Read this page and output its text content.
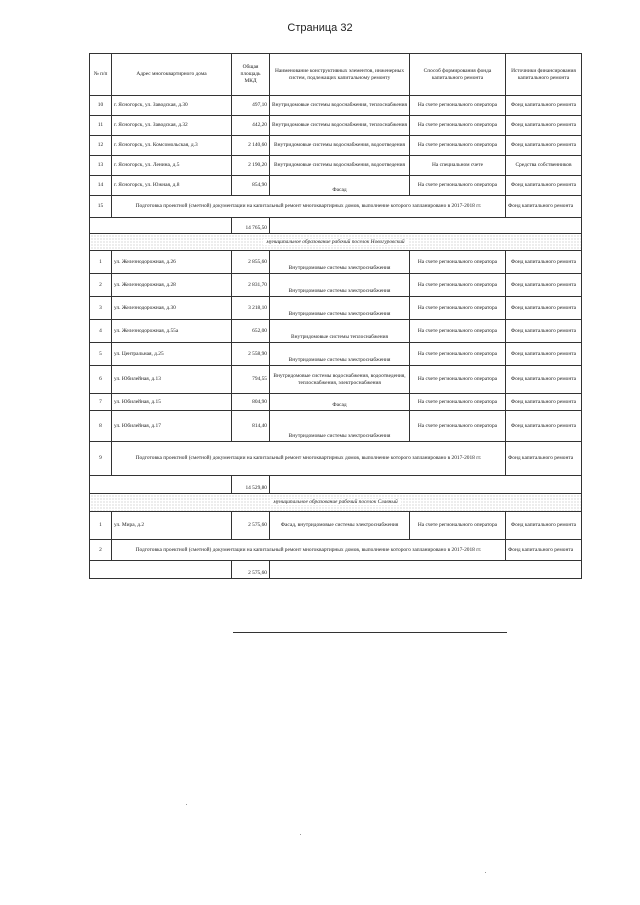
Страница 32
№ п/п	Адрес многоквартирного дома	Общая площадь МКД	Наименование конструктивных элементов, инженерных систем, подлежащих капитальному ремонту	Способ формирования фонда капитального ремонта	Источники финансирования капитального ремонта
10	г. Ясногорск, ул. Заводская, д.30	497,10	Внутридомовые системы водоснабжения, теплоснабжения	На счете регионального оператора	Фонд капитального ремонта
11	г. Ясногорск, ул. Заводская, д.32	442,20	Внутридомовые системы водоснабжения, теплоснабжения	На счете регионального оператора	Фонд капитального ремонта
12	г. Ясногорск, ул. Комсомольская, д.3	2 140,60	Внутридомовые системы водоснабжения, водоотведения	На счете регионального оператора	Фонд капитального ремонта
13	г. Ясногорск, ул. Ленина, д.5	2 190,20	Внутридомовые системы водоснабжения, водоотведения	На специальном счете	Средства собственников
14	г. Ясногорск, ул. Южная, д.8	854,90	Фасад	На счете регионального оператора	Фонд капитального ремонта
15	Подготовка проектной (сметной) документации на капитальный ремонт многоквартирных домов, выполнение которого запланировано в 2017-2018 гг.				Фонд капитального ремонта
		14 765,50			
муниципальное образование рабочий поселок Новогуровский					
1	ул. Железнодорожная, д.26	2 855,60	Внутридомовые системы электроснабжения	На счете регионального оператора	Фонд капитального ремонта
2	ул. Железнодорожная, д.28	2 831,70	Внутридомовые системы электроснабжения	На счете регионального оператора	Фонд капитального ремонта
3	ул. Железнодорожная, д.30	3 218,10	Внутридомовые системы электроснабжения	На счете регионального оператора	Фонд капитального ремонта
4	ул. Железнодорожная, д.55а	652,00	Внутридомовые системы теплоснабжения	На счете регионального оператора	Фонд капитального ремонта
5	ул. Центральная, д.25	2 558,90	Внутридомовые системы электроснабжения	На счете регионального оператора	Фонд капитального ремонта
6	ул. Юбилейная, д.13	794,55	Внутридомовые системы водоснабжения, водоотведения, теплоснабжения, электроснабжения	На счете регионального оператора	Фонд капитального ремонта
7	ул. Юбилейная, д.15	804,90	Фасад	На счете регионального оператора	Фонд капитального ремонта
8	ул. Юбилейная, д.17	814,40	Внутридомовые системы электроснабжения	На счете регионального оператора	Фонд капитального ремонта
9	Подготовка проектной (сметной) документации на капитальный ремонт многоквартирных домов, выполнение которого запланировано в 2017-2018 гг.				Фонд капитального ремонта
		14 529,80			
муниципальное образование рабочий поселок Славный					
1	ул. Мира, д.2	2 575,60	Фасад, внутридомовые системы электроснабжения	На счете регионального оператора	Фонд капитального ремонта
2	Подготовка проектной (сметной) документации на капитальный ремонт многоквартирных домов, выполнение которого запланировано в 2017-2018 гг.				Фонд капитального ремонта
		2 575,60			
